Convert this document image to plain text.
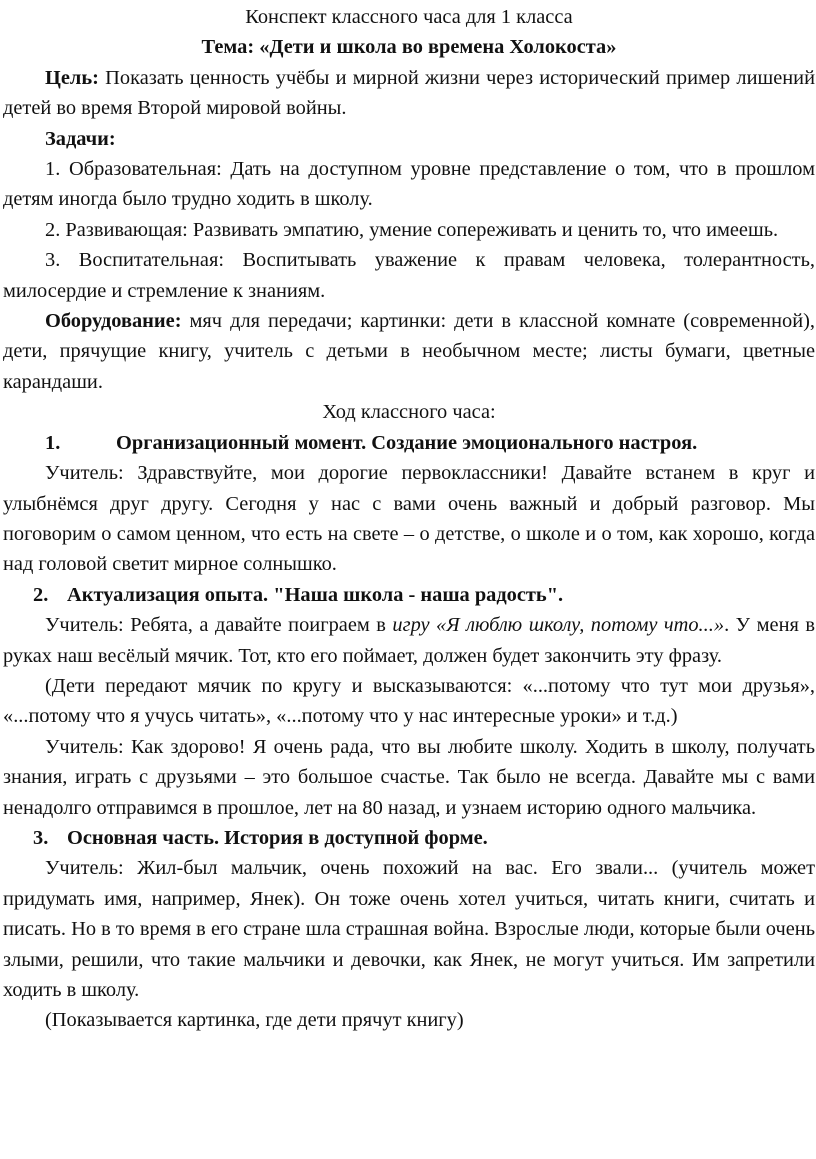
Конспект классного часа для 1 класса

Тема: «Дети и школа во времена Холокоста»

Цель: Показать ценность учёбы и мирной жизни через исторический пример лишений детей во время Второй мировой войны.

Задачи:

1. Образовательная: Дать на доступном уровне представление о том, что в прошлом детям иногда было трудно ходить в школу.

2. Развивающая: Развивать эмпатию, умение сопереживать и ценить то, что имеешь.

3. Воспитательная: Воспитывать уважение к правам человека, толерантность, милосердие и стремление к знаниям.

Оборудование: мяч для передачи; картинки: дети в классной комнате (современной), дети, прячущие книгу, учитель с детьми в необычном месте; листы бумаги, цветные карандаши.

Ход классного часа:

1.	Организационный момент. Создание эмоционального настроя.

Учитель: Здравствуйте, мои дорогие первоклассники! Давайте встанем в круг и улыбнёмся друг другу. Сегодня у нас с вами очень важный и добрый разговор. Мы поговорим о самом ценном, что есть на свете – о детстве, о школе и о том, как хорошо, когда над головой светит мирное солнышко.

2. Актуализация опыта. "Наша школа - наша радость".

Учитель: Ребята, а давайте поиграем в игру «Я люблю школу, потому что...». У меня в руках наш весёлый мячик. Тот, кто его поймает, должен будет закончить эту фразу.

(Дети передают мячик по кругу и высказываются: «...потому что тут мои друзья», «...потому что я учусь читать», «...потому что у нас интересные уроки» и т.д.)

Учитель: Как здорово! Я очень рада, что вы любите школу. Ходить в школу, получать знания, играть с друзьями – это большое счастье. Так было не всегда. Давайте мы с вами ненадолго отправимся в прошлое, лет на 80 назад, и узнаем историю одного мальчика.

3. Основная часть. История в доступной форме.

Учитель: Жил-был мальчик, очень похожий на вас. Его звали... (учитель может придумать имя, например, Янек). Он тоже очень хотел учиться, читать книги, считать и писать. Но в то время в его стране шла страшная война. Взрослые люди, которые были очень злыми, решили, что такие мальчики и девочки, как Янек, не могут учиться. Им запретили ходить в школу.

(Показывается картинка, где дети прячут книгу)
